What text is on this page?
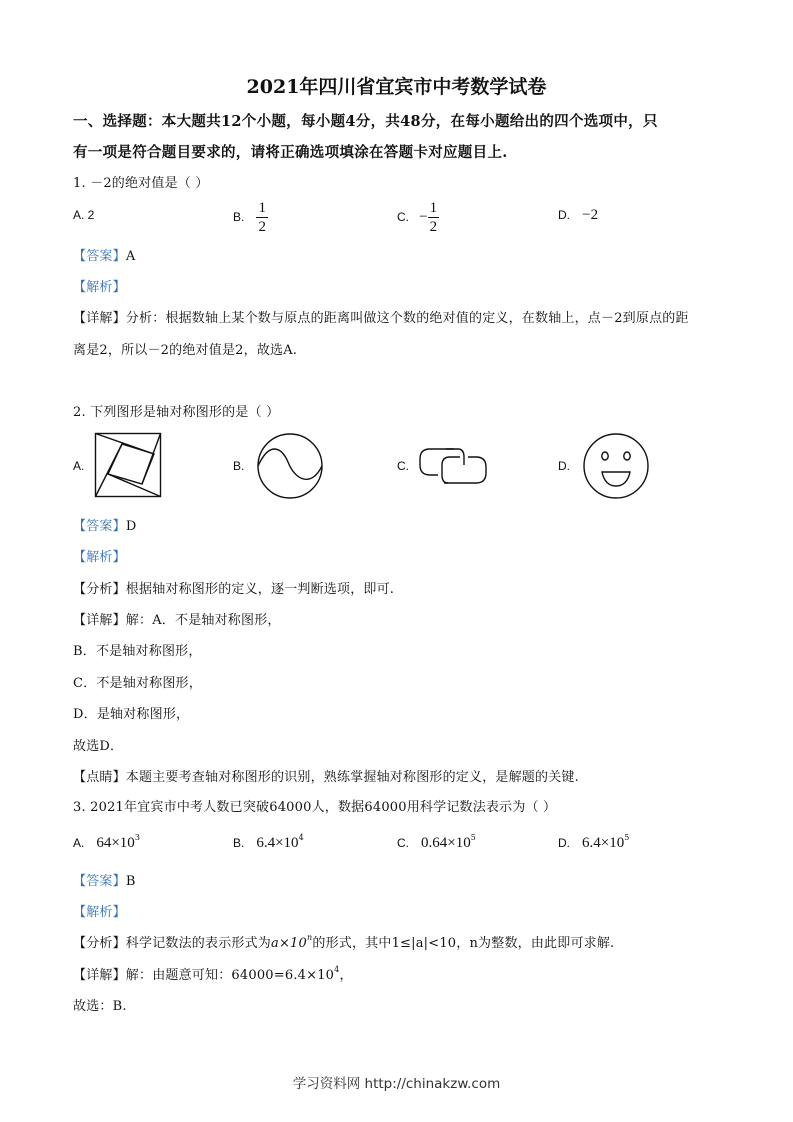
2021年四川省宜宾市中考数学试卷
一、选择题：本大题共12个小题，每小题4分，共48分，在每小题给出的四个选项中，只
有一项是符合题目要求的，请将正确选项填涂在答题卡对应题目上.
1. －2的绝对值是（ ）
A. 2	B. $\frac{1}{2}$	C. − $\frac{1}{2}$	D. −2
【答案】A
【解析】
【详解】分析：根据数轴上某个数与原点的距离叫做这个数的绝对值的定义，在数轴上，点－2到原点的距
离是2，所以－2的绝对值是2，故选A.
2. 下列图形是轴对称图形的是（ ）
A.	B.	C.	D.
【答案】D
【解析】
【分析】根据轴对称图形的定义，逐一判断选项，即可.
【详解】解：A．不是轴对称图形，
B．不是轴对称图形，
C．不是轴对称图形，
D．是轴对称图形，
故选D．
【点睛】本题主要考查轴对称图形的识别，熟练掌握轴对称图形的定义，是解题的关键.
3. 2021年宜宾市中考人数已突破64000人，数据64000用科学记数法表示为（ ）
A. $64\times 10^3$	B. $6.4\times 10^4$	C. $0.64\times 10^5$	D. $6.4\times 10^5$
【答案】B
【解析】
【分析】科学记数法的表示形式为$a\times 10^n$的形式，其中1≤|a|<10，n为整数，由此即可求解.
【详解】解：由题意可知：$64000=6.4\times 10^4$，
故选：B.
学习资料网 http://chinakzw.com
